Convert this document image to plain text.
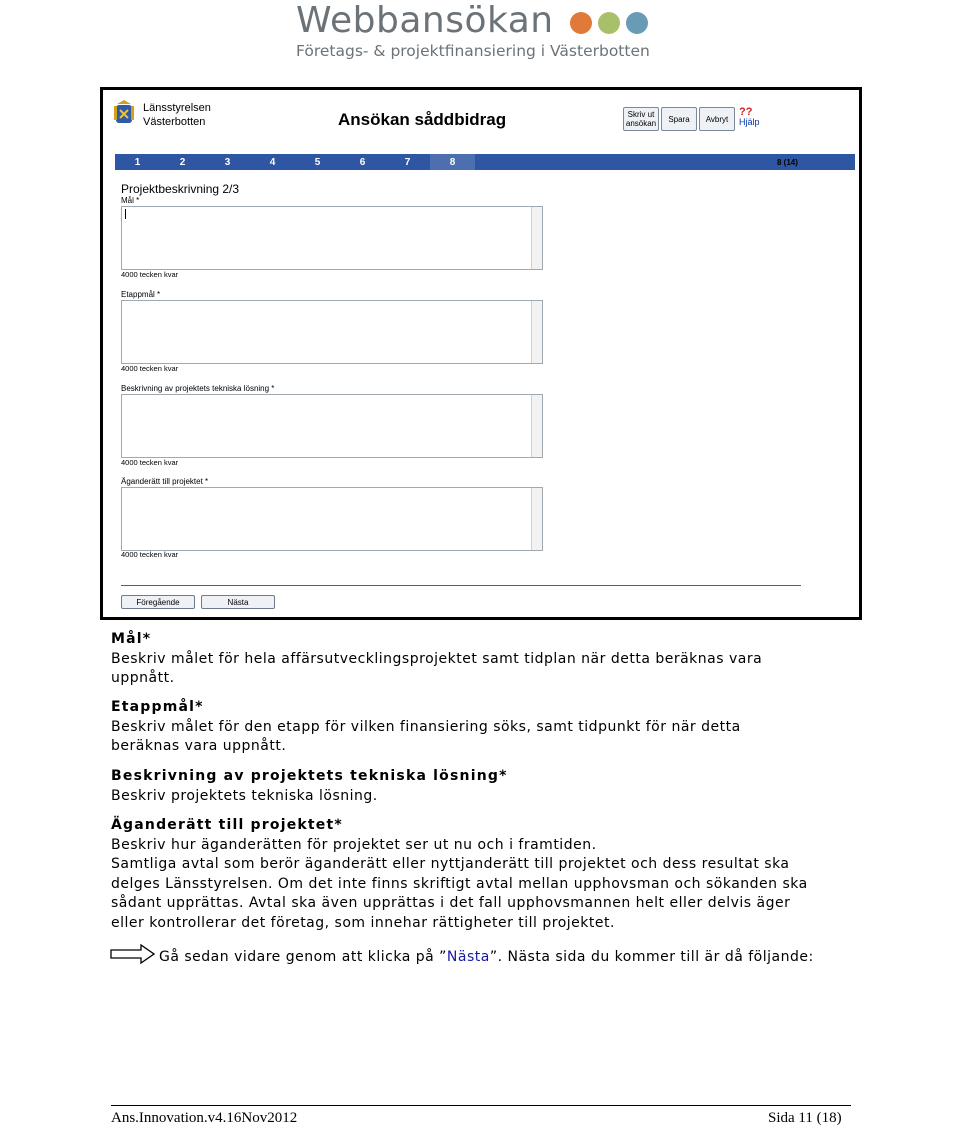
Webbansökan
Företags- & projektfinansiering i Västerbotten
Länsstyrelsen
Västerbotten	Ansökan såddbidrag	Skriv ut
ansökan	Spara	Avbryt
??
Hjälp
1	2	3	4	5	6	7	8	8 (14)
Projektbeskrivning 2/3
Mål *
4000 tecken kvar
Etappmål *
4000 tecken kvar
Beskrivning av projektets tekniska lösning *
4000 tecken kvar
Äganderätt till projektet *
4000 tecken kvar
Föregående	Nästa
Mål*
Beskriv målet för hela affärsutvecklingsprojektet samt tidplan när detta beräknas vara
uppnått.
Etappmål*
Beskriv målet för den etapp för vilken finansiering söks, samt tidpunkt för när detta
beräknas vara uppnått.
Beskrivning av projektets tekniska lösning*
Beskriv projektets tekniska lösning.
Äganderätt till projektet*
Beskriv hur äganderätten för projektet ser ut nu och i framtiden.
Samtliga avtal som berör äganderätt eller nyttjanderätt till projektet och dess resultat ska
delges Länsstyrelsen. Om det inte finns skriftigt avtal mellan upphovsman och sökanden ska
sådant upprättas. Avtal ska även upprättas i det fall upphovsmannen helt eller delvis äger
eller kontrollerar det företag, som innehar rättigheter till projektet.
Gå sedan vidare genom att klicka på ”Nästa”. Nästa sida du kommer till är då följande:
Ans.Innovation.v4.16Nov2012	Sida 11 (18)
